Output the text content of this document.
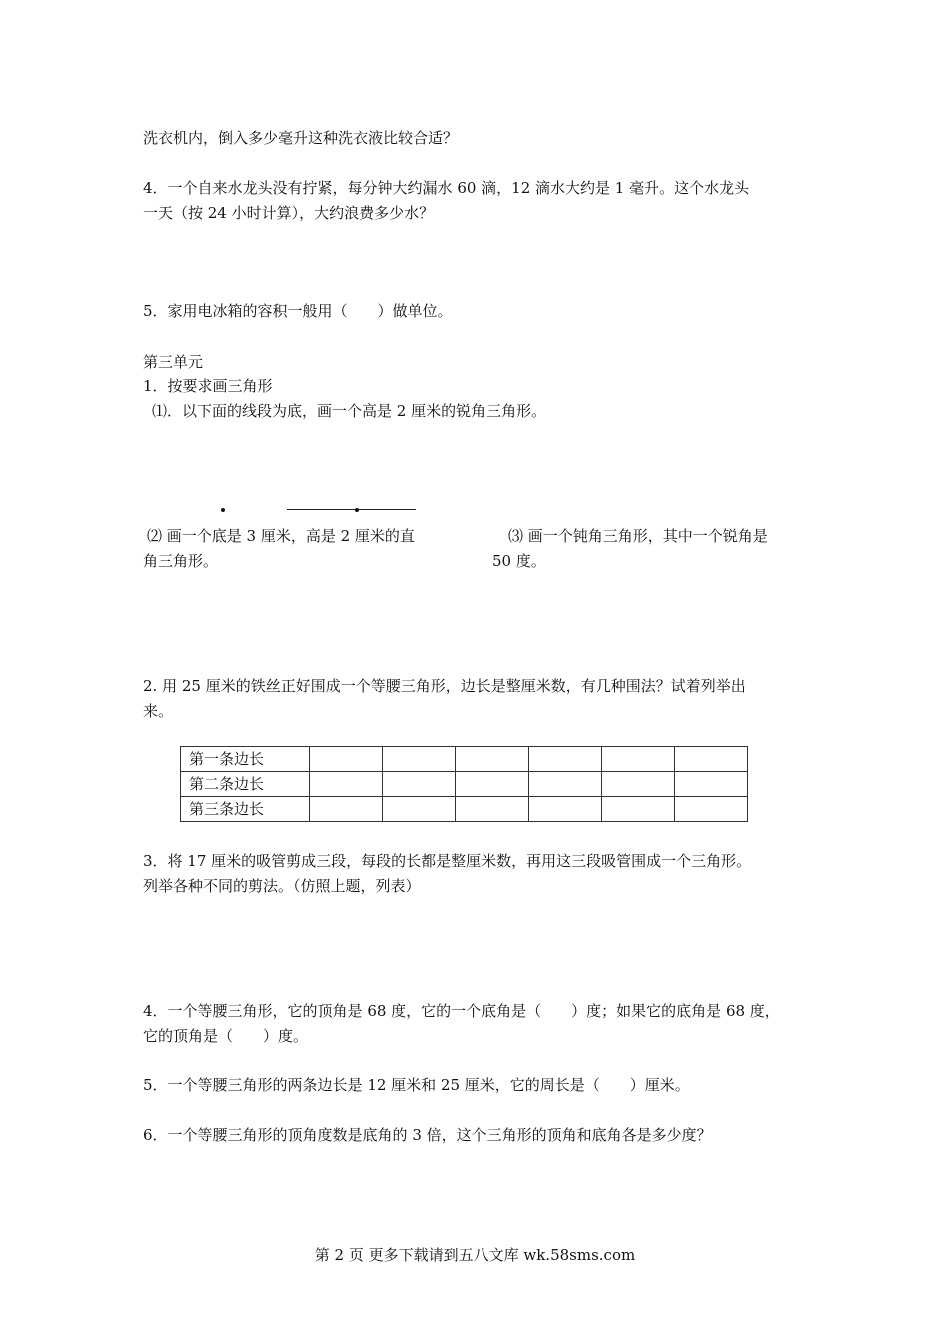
洗衣机内，倒入多少毫升这种洗衣液比较合适？
4．一个自来水龙头没有拧紧，每分钟大约漏水 60 滴，12 滴水大约是 1 毫升。这个水龙头
一天（按 24 小时计算），大约浪费多少水？
5．家用电冰箱的容积一般用（　　）做单位。
第三单元
1．按要求画三角形
⑴．以下面的线段为底，画一个高是 2 厘米的锐角三角形。
⑵ 画一个底是 3 厘米，高是 2 厘米的直
角三角形。
⑶ 画一个钝角三角形，其中一个锐角是
50 度。
2. 用 25 厘米的铁丝正好围成一个等腰三角形，边长是整厘米数，有几种围法？试着列举出
来。
第一条边长						
第二条边长						
第三条边长						
3．将 17 厘米的吸管剪成三段，每段的长都是整厘米数，再用这三段吸管围成一个三角形。
列举各种不同的剪法。（仿照上题，列表）
4．一个等腰三角形，它的顶角是 68 度，它的一个底角是（　　）度；如果它的底角是 68 度，
它的顶角是（　　）度。
5．一个等腰三角形的两条边长是 12 厘米和 25 厘米，它的周长是（　　）厘米。
6．一个等腰三角形的顶角度数是底角的 3 倍，这个三角形的顶角和底角各是多少度？
第 2 页 更多下载请到五八文库 wk.58sms.com
